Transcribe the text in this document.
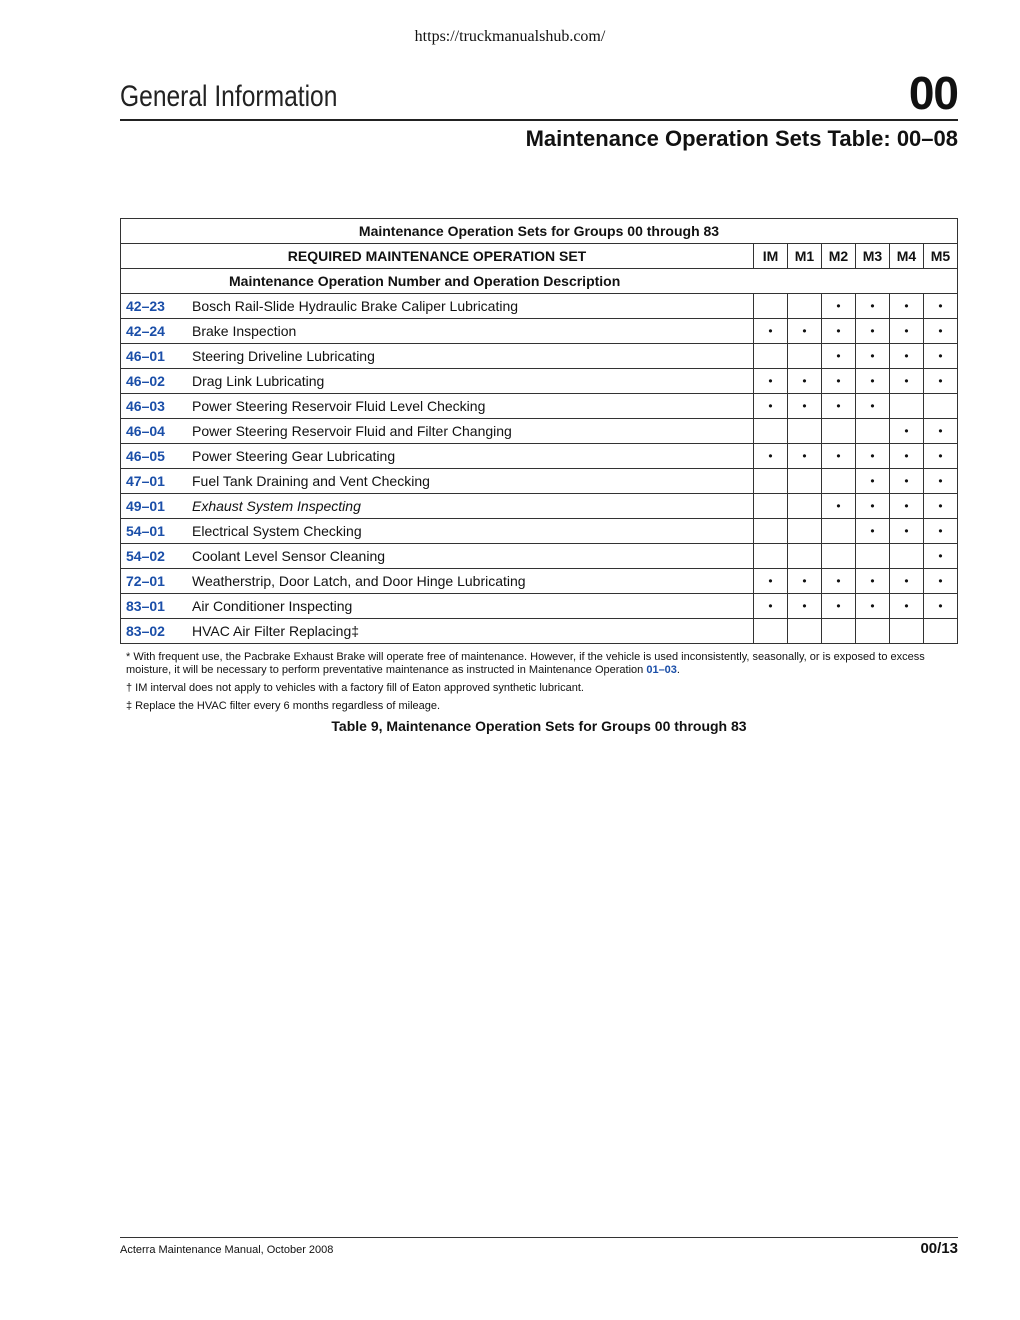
https://truckmanualshub.com/
General Information	00
Maintenance Operation Sets Table: 00–08
Maintenance Operation Sets for Groups 00 through 83							
REQUIRED MAINTENANCE OPERATION SET		IM	M1	M2	M3	M4	M5
Maintenance Operation Number and Operation Description							
42–23	Bosch Rail-Slide Hydraulic Brake Caliper Lubricating			•	•	•	•
42–24	Brake Inspection	•	•	•	•	•	•
46–01	Steering Driveline Lubricating			•	•	•	•
46–02	Drag Link Lubricating	•	•	•	•	•	•
46–03	Power Steering Reservoir Fluid Level Checking	•	•	•	•		
46–04	Power Steering Reservoir Fluid and Filter Changing					•	•
46–05	Power Steering Gear Lubricating	•	•	•	•	•	•
47–01	Fuel Tank Draining and Vent Checking				•	•	•
49–01	Exhaust System Inspecting			•	•	•	•
54–01	Electrical System Checking				•	•	•
54–02	Coolant Level Sensor Cleaning						•
72–01	Weatherstrip, Door Latch, and Door Hinge Lubricating	•	•	•	•	•	•
83–01	Air Conditioner Inspecting	•	•	•	•	•	•
83–02	HVAC Air Filter Replacing‡						

* With frequent use, the Pacbrake Exhaust Brake will operate free of maintenance. However, if the vehicle is used inconsistently, seasonally, or is exposed to excess moisture, it will be necessary to perform preventative maintenance as instructed in Maintenance Operation 01–03.

† IM interval does not apply to vehicles with a factory fill of Eaton approved synthetic lubricant.

‡ Replace the HVAC filter every 6 months regardless of mileage.

Table 9, Maintenance Operation Sets for Groups 00 through 83
Acterra Maintenance Manual, October 2008	00/13
